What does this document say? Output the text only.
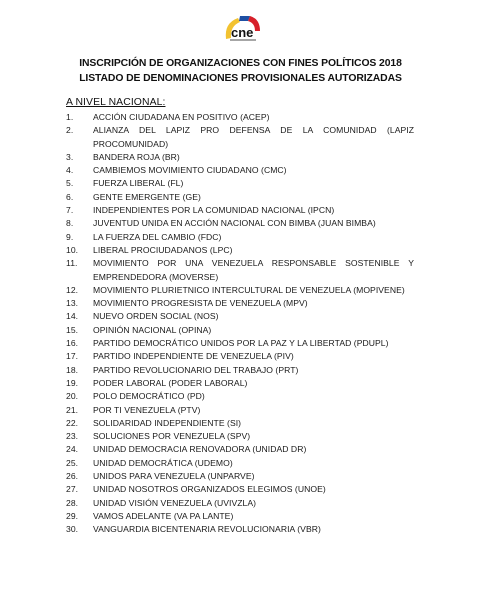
cne
INSCRIPCIÓN DE ORGANIZACIONES CON FINES POLÍTICOS 2018
LISTADO DE DENOMINACIONES PROVISIONALES AUTORIZADAS
A NIVEL NACIONAL:
1.	ACCIÓN CIUDADANA EN POSITIVO (ACEP)
2.	ALIANZA DEL LAPIZ PRO DEFENSA DE LA COMUNIDAD (LAPIZ PROCOMUNIDAD)
3.	BANDERA ROJA (BR)
4.	CAMBIEMOS MOVIMIENTO CIUDADANO (CMC)
5.	FUERZA LIBERAL (FL)
6.	GENTE EMERGENTE (GE)
7.	INDEPENDIENTES POR LA COMUNIDAD NACIONAL (IPCN)
8.	JUVENTUD UNIDA EN ACCIÓN NACIONAL CON BIMBA (JUAN BIMBA)
9.	LA FUERZA DEL CAMBIO (FDC)
10.	LIBERAL PROCIUDADANOS (LPC)
11.	MOVIMIENTO POR UNA VENEZUELA RESPONSABLE SOSTENIBLE Y EMPRENDEDORA (MOVERSE)
12.	MOVIMIENTO PLURIETNICO INTERCULTURAL DE VENEZUELA (MOPIVENE)
13.	MOVIMIENTO PROGRESISTA DE VENEZUELA (MPV)
14.	NUEVO ORDEN SOCIAL (NOS)
15.	OPINIÓN NACIONAL (OPINA)
16.	PARTIDO DEMOCRÁTICO UNIDOS POR LA PAZ Y LA LIBERTAD (PDUPL)
17.	PARTIDO INDEPENDIENTE DE VENEZUELA (PIV)
18.	PARTIDO REVOLUCIONARIO DEL TRABAJO (PRT)
19.	PODER LABORAL (PODER LABORAL)
20.	POLO DEMOCRÁTICO (PD)
21.	POR TI VENEZUELA (PTV)
22.	SOLIDARIDAD INDEPENDIENTE (SI)
23.	SOLUCIONES POR VENEZUELA (SPV)
24.	UNIDAD DEMOCRACIA RENOVADORA (UNIDAD DR)
25.	UNIDAD DEMOCRÁTICA (UDEMO)
26.	UNIDOS PARA VENEZUELA (UNPARVE)
27.	UNIDAD NOSOTROS ORGANIZADOS ELEGIMOS (UNOE)
28.	UNIDAD VISIÓN VENEZUELA (UVIVZLA)
29.	VAMOS ADELANTE (VA PA LANTE)
30.	VANGUARDIA BICENTENARIA REVOLUCIONARIA (VBR)
